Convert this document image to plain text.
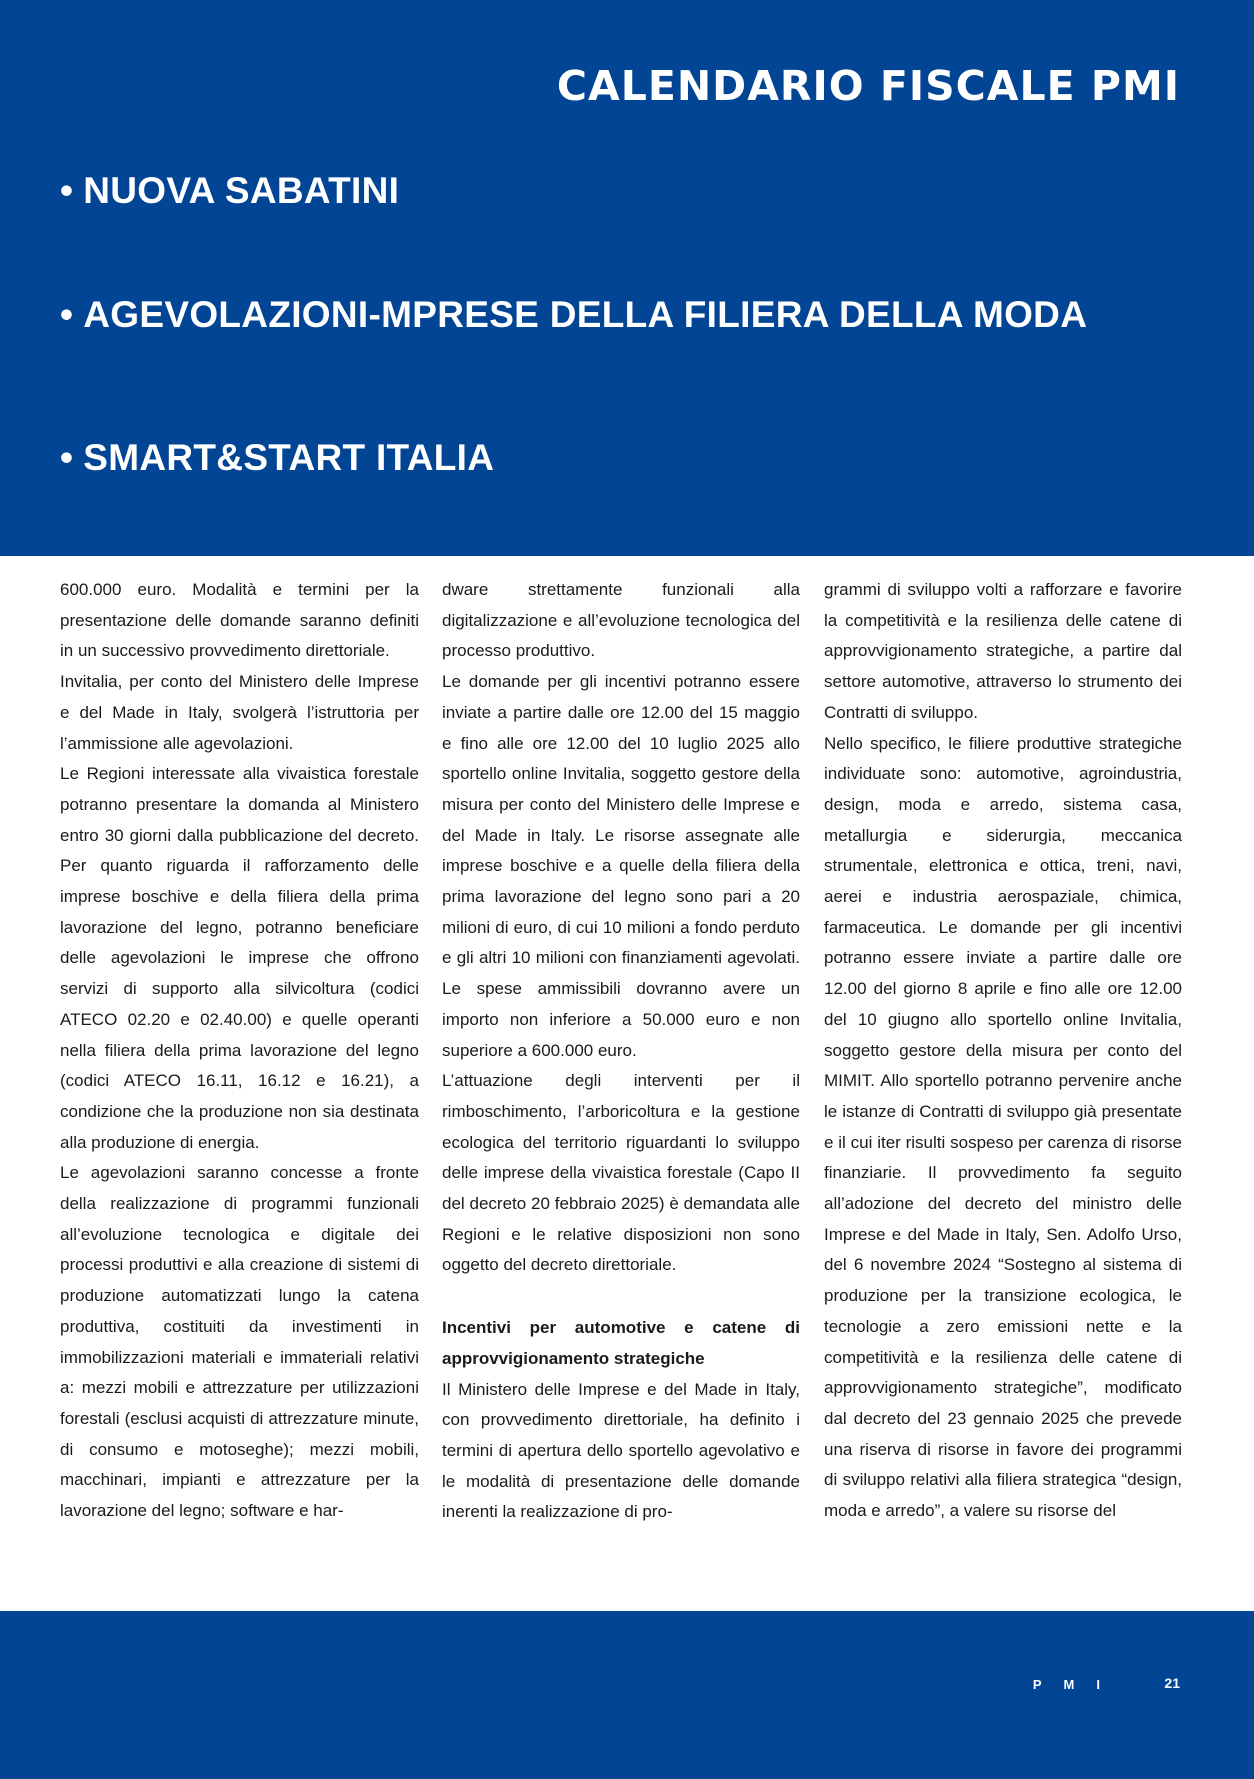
CALENDARIO FISCALE PMI
• NUOVA SABATINI
• AGEVOLAZIONI-MPRESE DELLA FILIERA DELLA MODA
• SMART&START ITALIA

600.000 euro. Modalità e termini per la presentazione delle domande saranno definiti in un successivo provvedimento direttoriale.

Invitalia, per conto del Ministero delle Imprese e del Made in Italy, svolgerà l’istruttoria per l’ammissione alle agevolazioni.

Le Regioni interessate alla vivaistica forestale potranno presentare la domanda al Ministero entro 30 giorni dalla pubblicazione del decreto. Per quanto riguarda il rafforzamento delle imprese boschive e della filiera della prima lavorazione del legno, potranno beneficiare delle agevolazioni le imprese che offrono servizi di supporto alla silvicoltura (codici ATECO 02.20 e 02.40.00) e quelle operanti nella filiera della prima lavorazione del legno (codici ATECO 16.11, 16.12 e 16.21), a condizione che la produzione non sia destinata alla produzione di energia.

Le agevolazioni saranno concesse a fronte della realizzazione di programmi funzionali all’evoluzione tecnologica e digitale dei processi produttivi e alla creazione di sistemi di produzione automatizzati lungo la catena produttiva, costituiti da investimenti in immobilizzazioni materiali e immateriali relativi a: mezzi mobili e attrezzature per utilizzazioni forestali (esclusi acquisti di attrezzature minute, di consumo e motoseghe); mezzi mobili, macchinari, impianti e attrezzature per la lavorazione del legno; software e har-

dware strettamente funzionali alla digitalizzazione e all’evoluzione tecnologica del processo produttivo.

Le domande per gli incentivi potranno essere inviate a partire dalle ore 12.00 del 15 maggio e fino alle ore 12.00 del 10 luglio 2025 allo sportello online Invitalia, soggetto gestore della misura per conto del Ministero delle Imprese e del Made in Italy. Le risorse assegnate alle imprese boschive e a quelle della filiera della prima lavorazione del legno sono pari a 20 milioni di euro, di cui 10 milioni a fondo perduto e gli altri 10 milioni con finanziamenti agevolati. Le spese ammissibili dovranno avere un importo non inferiore a 50.000 euro e non superiore a 600.000 euro.

L’attuazione degli interventi per il rimboschimento, l’arboricoltura e la gestione ecologica del territorio riguardanti lo sviluppo delle imprese della vivaistica forestale (Capo II del decreto 20 febbraio 2025) è demandata alle Regioni e le relative disposizioni non sono oggetto del decreto direttoriale.

Incentivi per automotive e catene di approvvigionamento strategiche

Il Ministero delle Imprese e del Made in Italy, con provvedimento direttoriale, ha definito i termini di apertura dello sportello agevolativo e le modalità di presentazione delle domande inerenti la realizzazione di pro-

grammi di sviluppo volti a rafforzare e favorire la competitività e la resilienza delle catene di approvvigionamento strategiche, a partire dal settore automotive, attraverso lo strumento dei Contratti di sviluppo.

Nello specifico, le filiere produttive strategiche individuate sono: automotive, agroindustria, design, moda e arredo, sistema casa, metallurgia e siderurgia, meccanica strumentale, elettronica e ottica, treni, navi, aerei e industria aerospaziale, chimica, farmaceutica. Le domande per gli incentivi potranno essere inviate a partire dalle ore 12.00 del giorno 8 aprile e fino alle ore 12.00 del 10 giugno allo sportello online Invitalia, soggetto gestore della misura per conto del MIMIT. Allo sportello potranno pervenire anche le istanze di Contratti di sviluppo già presentate e il cui iter risulti sospeso per carenza di risorse finanziarie. Il provvedimento fa seguito all’adozione del decreto del ministro delle Imprese e del Made in Italy, Sen. Adolfo Urso, del 6 novembre 2024 “Sostegno al sistema di produzione per la transizione ecologica, le tecnologie a zero emissioni nette e la competitività e la resilienza delle catene di approvvigionamento strategiche”, modificato dal decreto del 23 gennaio 2025 che prevede una riserva di risorse in favore dei programmi di sviluppo relativi alla filiera strategica “design, moda e arredo”, a valere su risorse del

PMI	21
